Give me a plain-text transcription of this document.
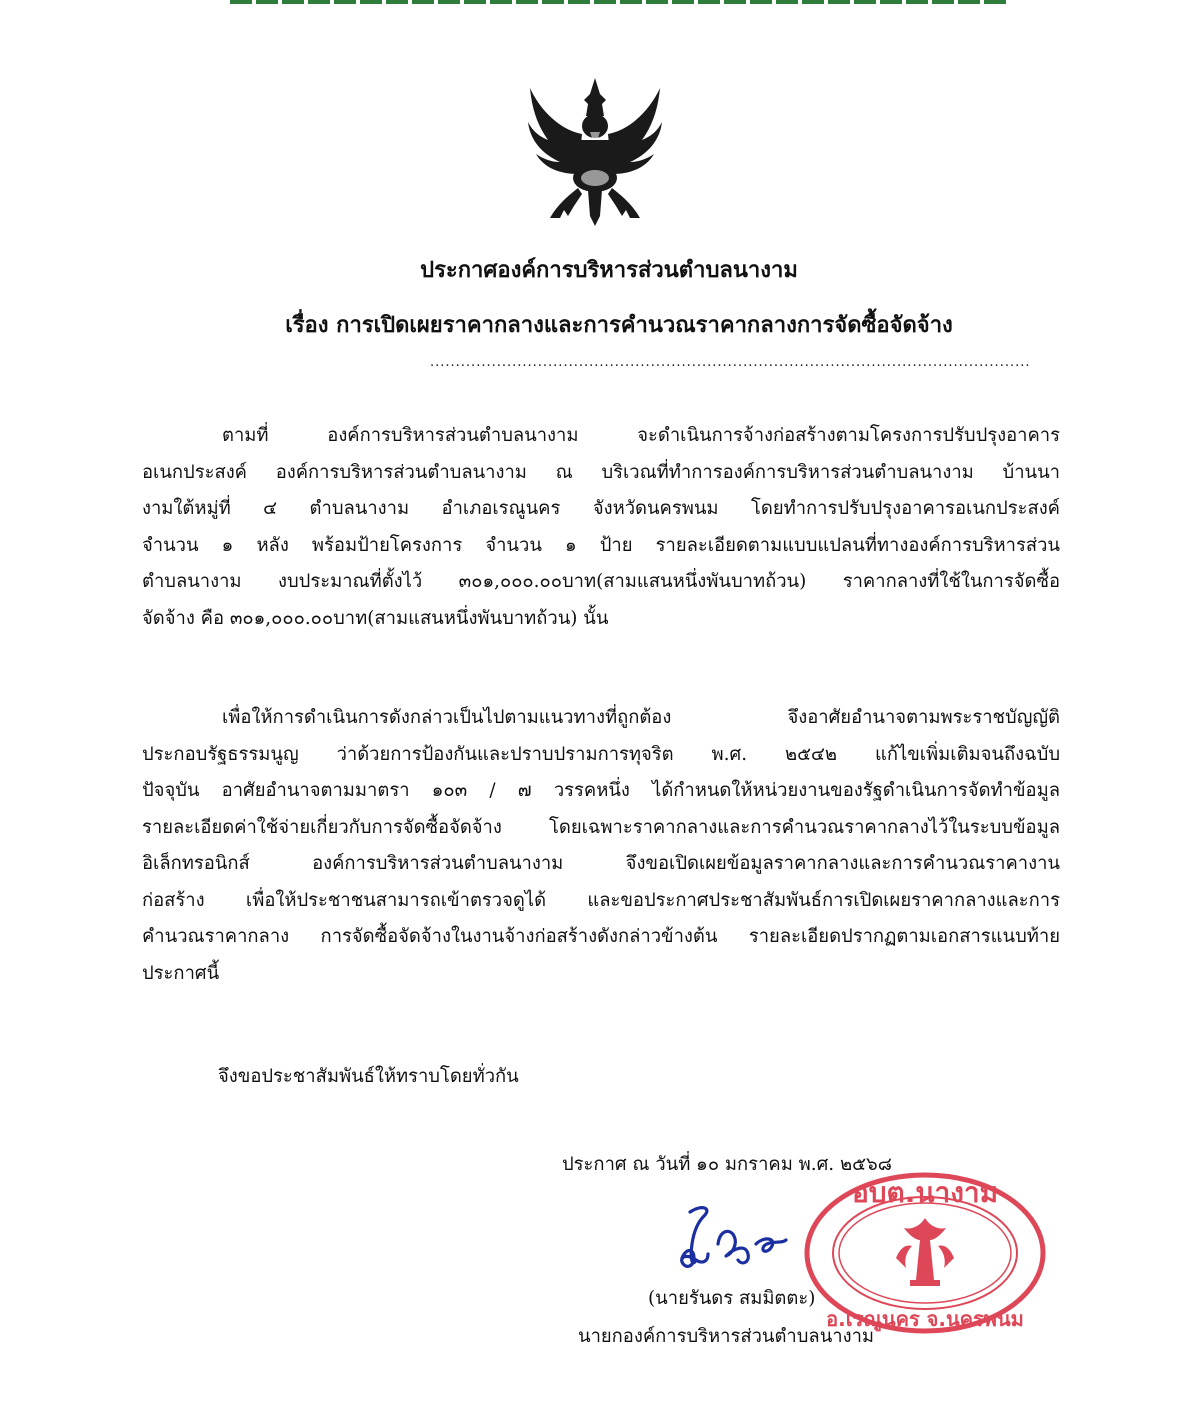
ประกาศองค์การบริหารส่วนตำบลนางาม
เรื่อง การเปิดเผยราคากลางและการคำนวณราคากลางการจัดซื้อจัดจ้าง
.....................................................................................................................
ตามที่ องค์การบริหารส่วนตำบลนางาม จะดำเนินการจ้างก่อสร้างตามโครงการปรับปรุงอาคาร
อเนกประสงค์ องค์การบริหารส่วนตำบลนางาม ณ บริเวณที่ทำการองค์การบริหารส่วนตำบลนางาม บ้านนา
งามใต้หมู่ที่ ๔ ตำบลนางาม อำเภอเรณูนคร จังหวัดนครพนม โดยทำการปรับปรุงอาคารอเนกประสงค์
จำนวน ๑ หลัง พร้อมป้ายโครงการ จำนวน ๑ ป้าย รายละเอียดตามแบบแปลนที่ทางองค์การบริหารส่วน
ตำบลนางาม งบประมาณที่ตั้งไว้ ๓๐๑,๐๐๐.๐๐บาท(สามแสนหนึ่งพันบาทถ้วน) ราคากลางที่ใช้ในการจัดซื้อ
จัดจ้าง คือ ๓๐๑,๐๐๐.๐๐บาท(สามแสนหนึ่งพันบาทถ้วน) นั้น
เพื่อให้การดำเนินการดังกล่าวเป็นไปตามแนวทางที่ถูกต้อง จึงอาศัยอำนาจตามพระราชบัญญัติ
ประกอบรัฐธรรมนูญ ว่าด้วยการป้องกันและปราบปรามการทุจริต พ.ศ. ๒๕๔๒ แก้ไขเพิ่มเติมจนถึงฉบับ
ปัจจุบัน อาศัยอำนาจตามมาตรา ๑๐๓ / ๗ วรรคหนึ่ง ได้กำหนดให้หน่วยงานของรัฐดำเนินการจัดทำข้อมูล
รายละเอียดค่าใช้จ่ายเกี่ยวกับการจัดซื้อจัดจ้าง โดยเฉพาะราคากลางและการคำนวณราคากลางไว้ในระบบข้อมูล
อิเล็กทรอนิกส์ องค์การบริหารส่วนตำบลนางาม จึงขอเปิดเผยข้อมูลราคากลางและการคำนวณราคางาน
ก่อสร้าง เพื่อให้ประชาชนสามารถเข้าตรวจดูได้ และขอประกาศประชาสัมพันธ์การเปิดเผยราคากลางและการ
คำนวณราคากลาง การจัดซื้อจัดจ้างในงานจ้างก่อสร้างดังกล่าวข้างต้น รายละเอียดปรากฏตามเอกสารแนบท้าย
ประกาศนี้
จึงขอประชาสัมพันธ์ให้ทราบโดยทั่วกัน
ประกาศ ณ วันที่ ๑๐ มกราคม พ.ศ. ๒๕๖๘
(นายรันดร สมมิตตะ)
นายกองค์การบริหารส่วนตำบลนางาม
อบต.นางาม
อ.เรณูนคร จ.นครพนม
